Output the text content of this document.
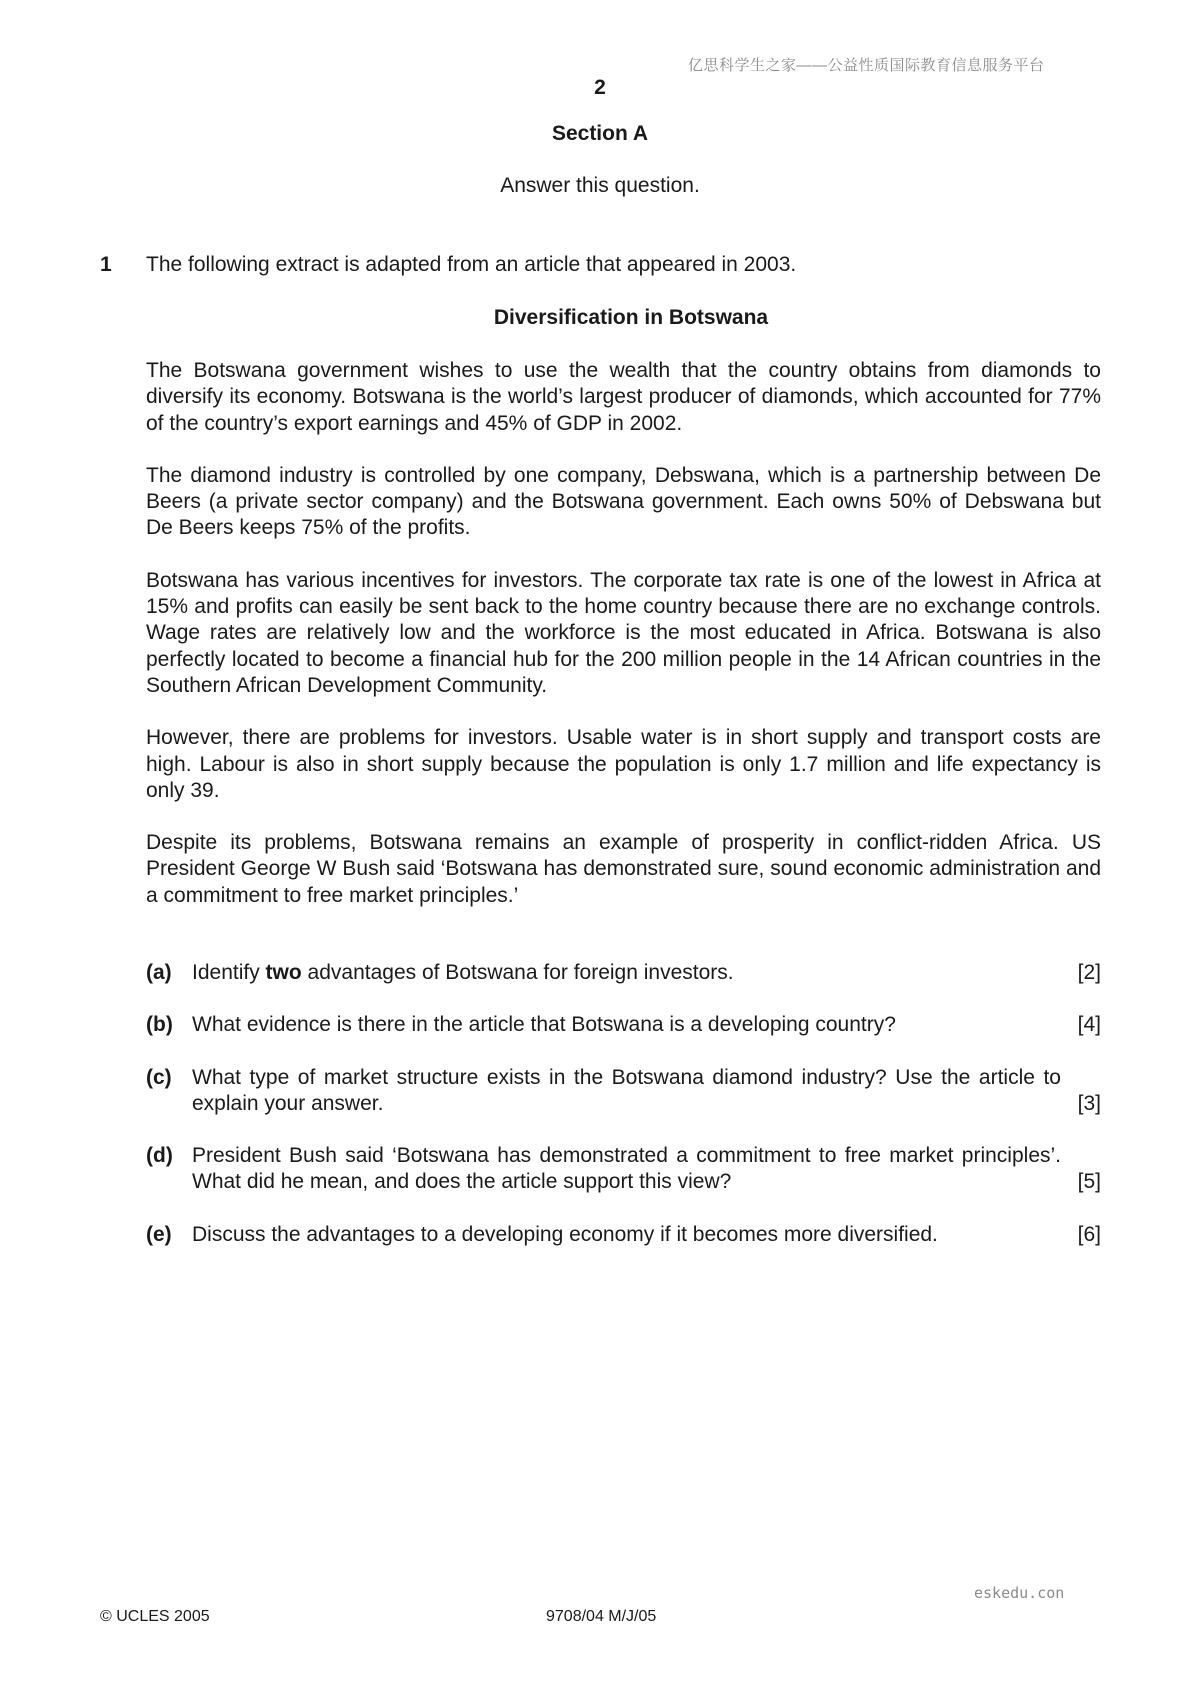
亿思科学生之家——公益性质国际教育信息服务平台
2
Section A
Answer this question.
1 The following extract is adapted from an article that appeared in 2003.
Diversification in Botswana

The Botswana government wishes to use the wealth that the country obtains from diamonds to diversify its economy. Botswana is the world’s largest producer of diamonds, which accounted for 77% of the country’s export earnings and 45% of GDP in 2002.

The diamond industry is controlled by one company, Debswana, which is a partnership between De Beers (a private sector company) and the Botswana government. Each owns 50% of Debswana but De Beers keeps 75% of the profits.

Botswana has various incentives for investors. The corporate tax rate is one of the lowest in Africa at 15% and profits can easily be sent back to the home country because there are no exchange controls. Wage rates are relatively low and the workforce is the most educated in Africa. Botswana is also perfectly located to become a financial hub for the 200 million people in the 14 African countries in the Southern African Development Community.

However, there are problems for investors. Usable water is in short supply and transport costs are high. Labour is also in short supply because the population is only 1.7 million and life expectancy is only 39.

Despite its problems, Botswana remains an example of prosperity in conflict-ridden Africa. US President George W Bush said ‘Botswana has demonstrated sure, sound economic administration and a commitment to free market principles.’

(a) Identify two advantages of Botswana for foreign investors.	[2]
(b) What evidence is there in the article that Botswana is a developing country?	[4]
(c) What type of market structure exists in the Botswana diamond industry? Use the article to explain your answer.	[3]
(d) President Bush said ‘Botswana has demonstrated a commitment to free market principles’. What did he mean, and does the article support this view?	[5]
(e) Discuss the advantages to a developing economy if it becomes more diversified.	[6]
eskedu.con
© UCLES 2005	9708/04 M/J/05
